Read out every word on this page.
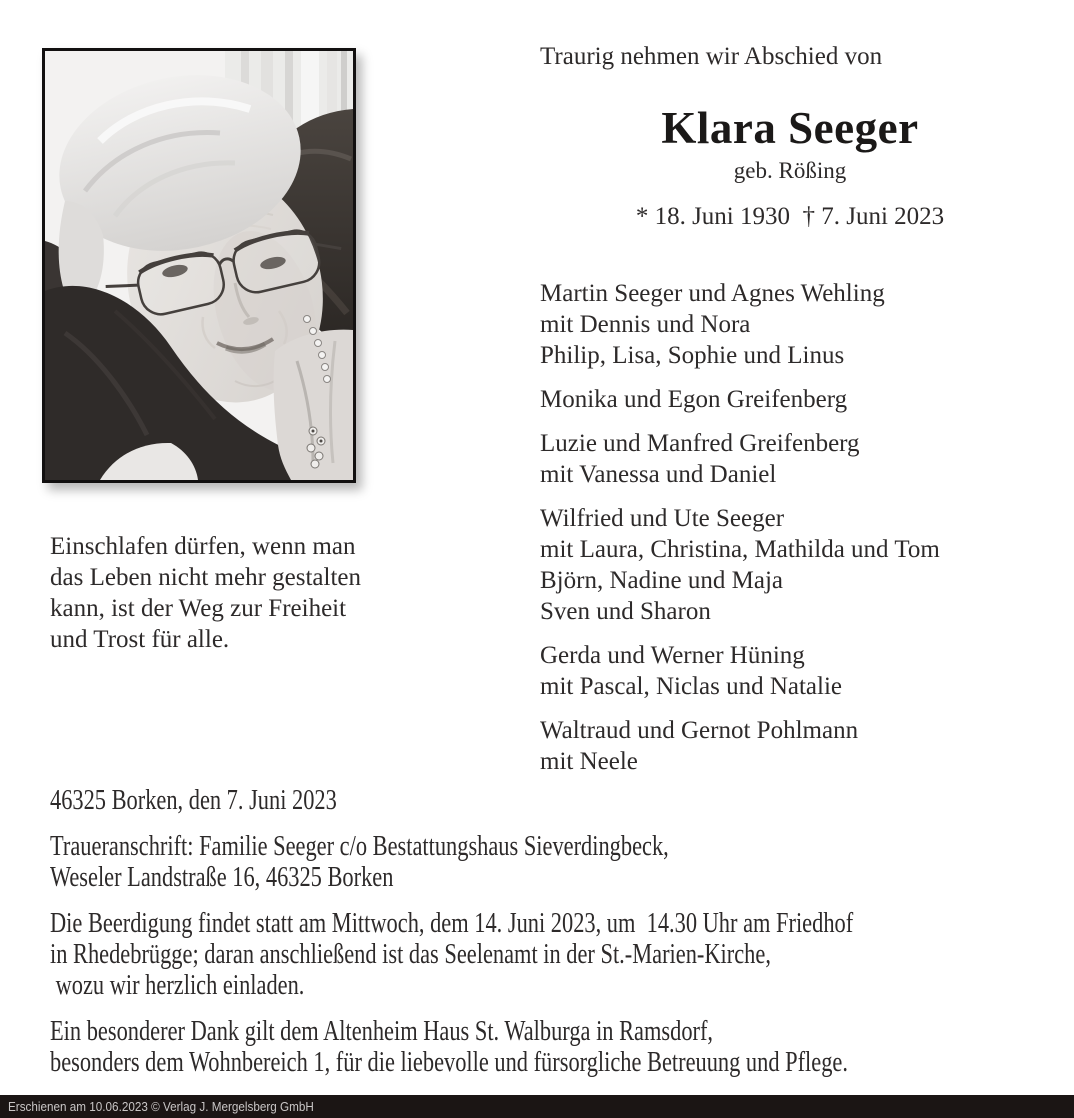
Traurig nehmen wir Abschied von
Klara Seeger
geb. Rößing
* 18. Juni 1930  † 7. Juni 2023
Martin Seeger und Agnes Wehling
mit Dennis und Nora
Philip, Lisa, Sophie und Linus
Monika und Egon Greifenberg
Luzie und Manfred Greifenberg
mit Vanessa und Daniel
Wilfried und Ute Seeger
mit Laura, Christina, Mathilda und Tom
Björn, Nadine und Maja
Sven und Sharon
Gerda und Werner Hüning
mit Pascal, Niclas und Natalie
Waltraud und Gernot Pohlmann
mit Neele
Einschlafen dürfen, wenn man
das Leben nicht mehr gestalten
kann, ist der Weg zur Freiheit
und Trost für alle.
46325 Borken, den 7. Juni 2023
Traueranschrift: Familie Seeger c/o Bestattungshaus Sieverdingbeck,
Weseler Landstraße 16, 46325 Borken
Die Beerdigung findet statt am Mittwoch, dem 14. Juni 2023, um  14.30 Uhr am Friedhof
in Rhedebrügge; daran anschließend ist das Seelenamt in der St.-Marien-Kirche,
wozu wir herzlich einladen.
Ein besonderer Dank gilt dem Altenheim Haus St. Walburga in Ramsdorf,
besonders dem Wohnbereich 1, für die liebevolle und fürsorgliche Betreuung und Pflege.
Erschienen am 10.06.2023 © Verlag J. Mergelsberg GmbH
